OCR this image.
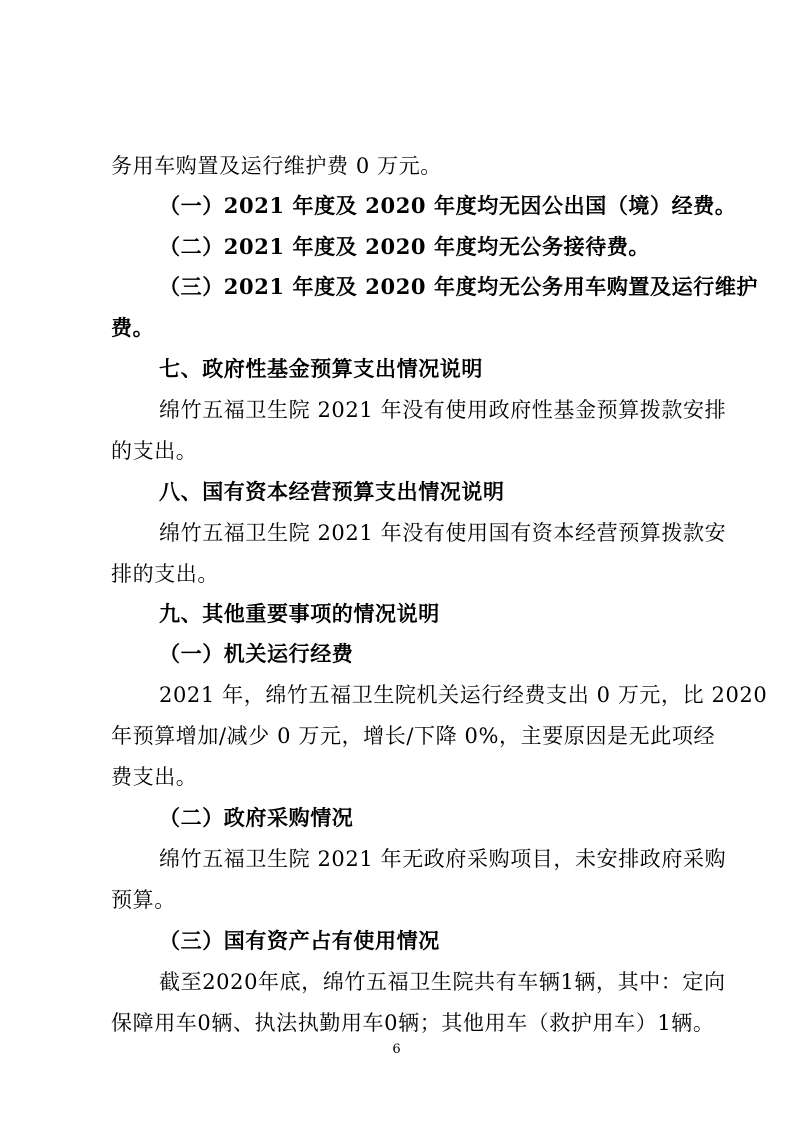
务用车购置及运行维护费 0 万元。
（一）2021 年度及 2020 年度均无因公出国（境）经费。
（二）2021 年度及 2020 年度均无公务接待费。
（三）2021 年度及 2020 年度均无公务用车购置及运行维护
费。
七、政府性基金预算支出情况说明
绵竹五福卫生院 2021 年没有使用政府性基金预算拨款安排
的支出。
八、国有资本经营预算支出情况说明
绵竹五福卫生院 2021 年没有使用国有资本经营预算拨款安
排的支出。
九、其他重要事项的情况说明
（一）机关运行经费
2021 年，绵竹五福卫生院机关运行经费支出 0 万元，比 2020
年预算增加/减少 0 万元，增长/下降 0%，主要原因是无此项经
费支出。
（二）政府采购情况
绵竹五福卫生院 2021 年无政府采购项目，未安排政府采购
预算。
（三）国有资产占有使用情况
截至2020年底，绵竹五福卫生院共有车辆1辆，其中：定向
保障用车0辆、执法执勤用车0辆；其他用车（救护用车）1辆。
6
